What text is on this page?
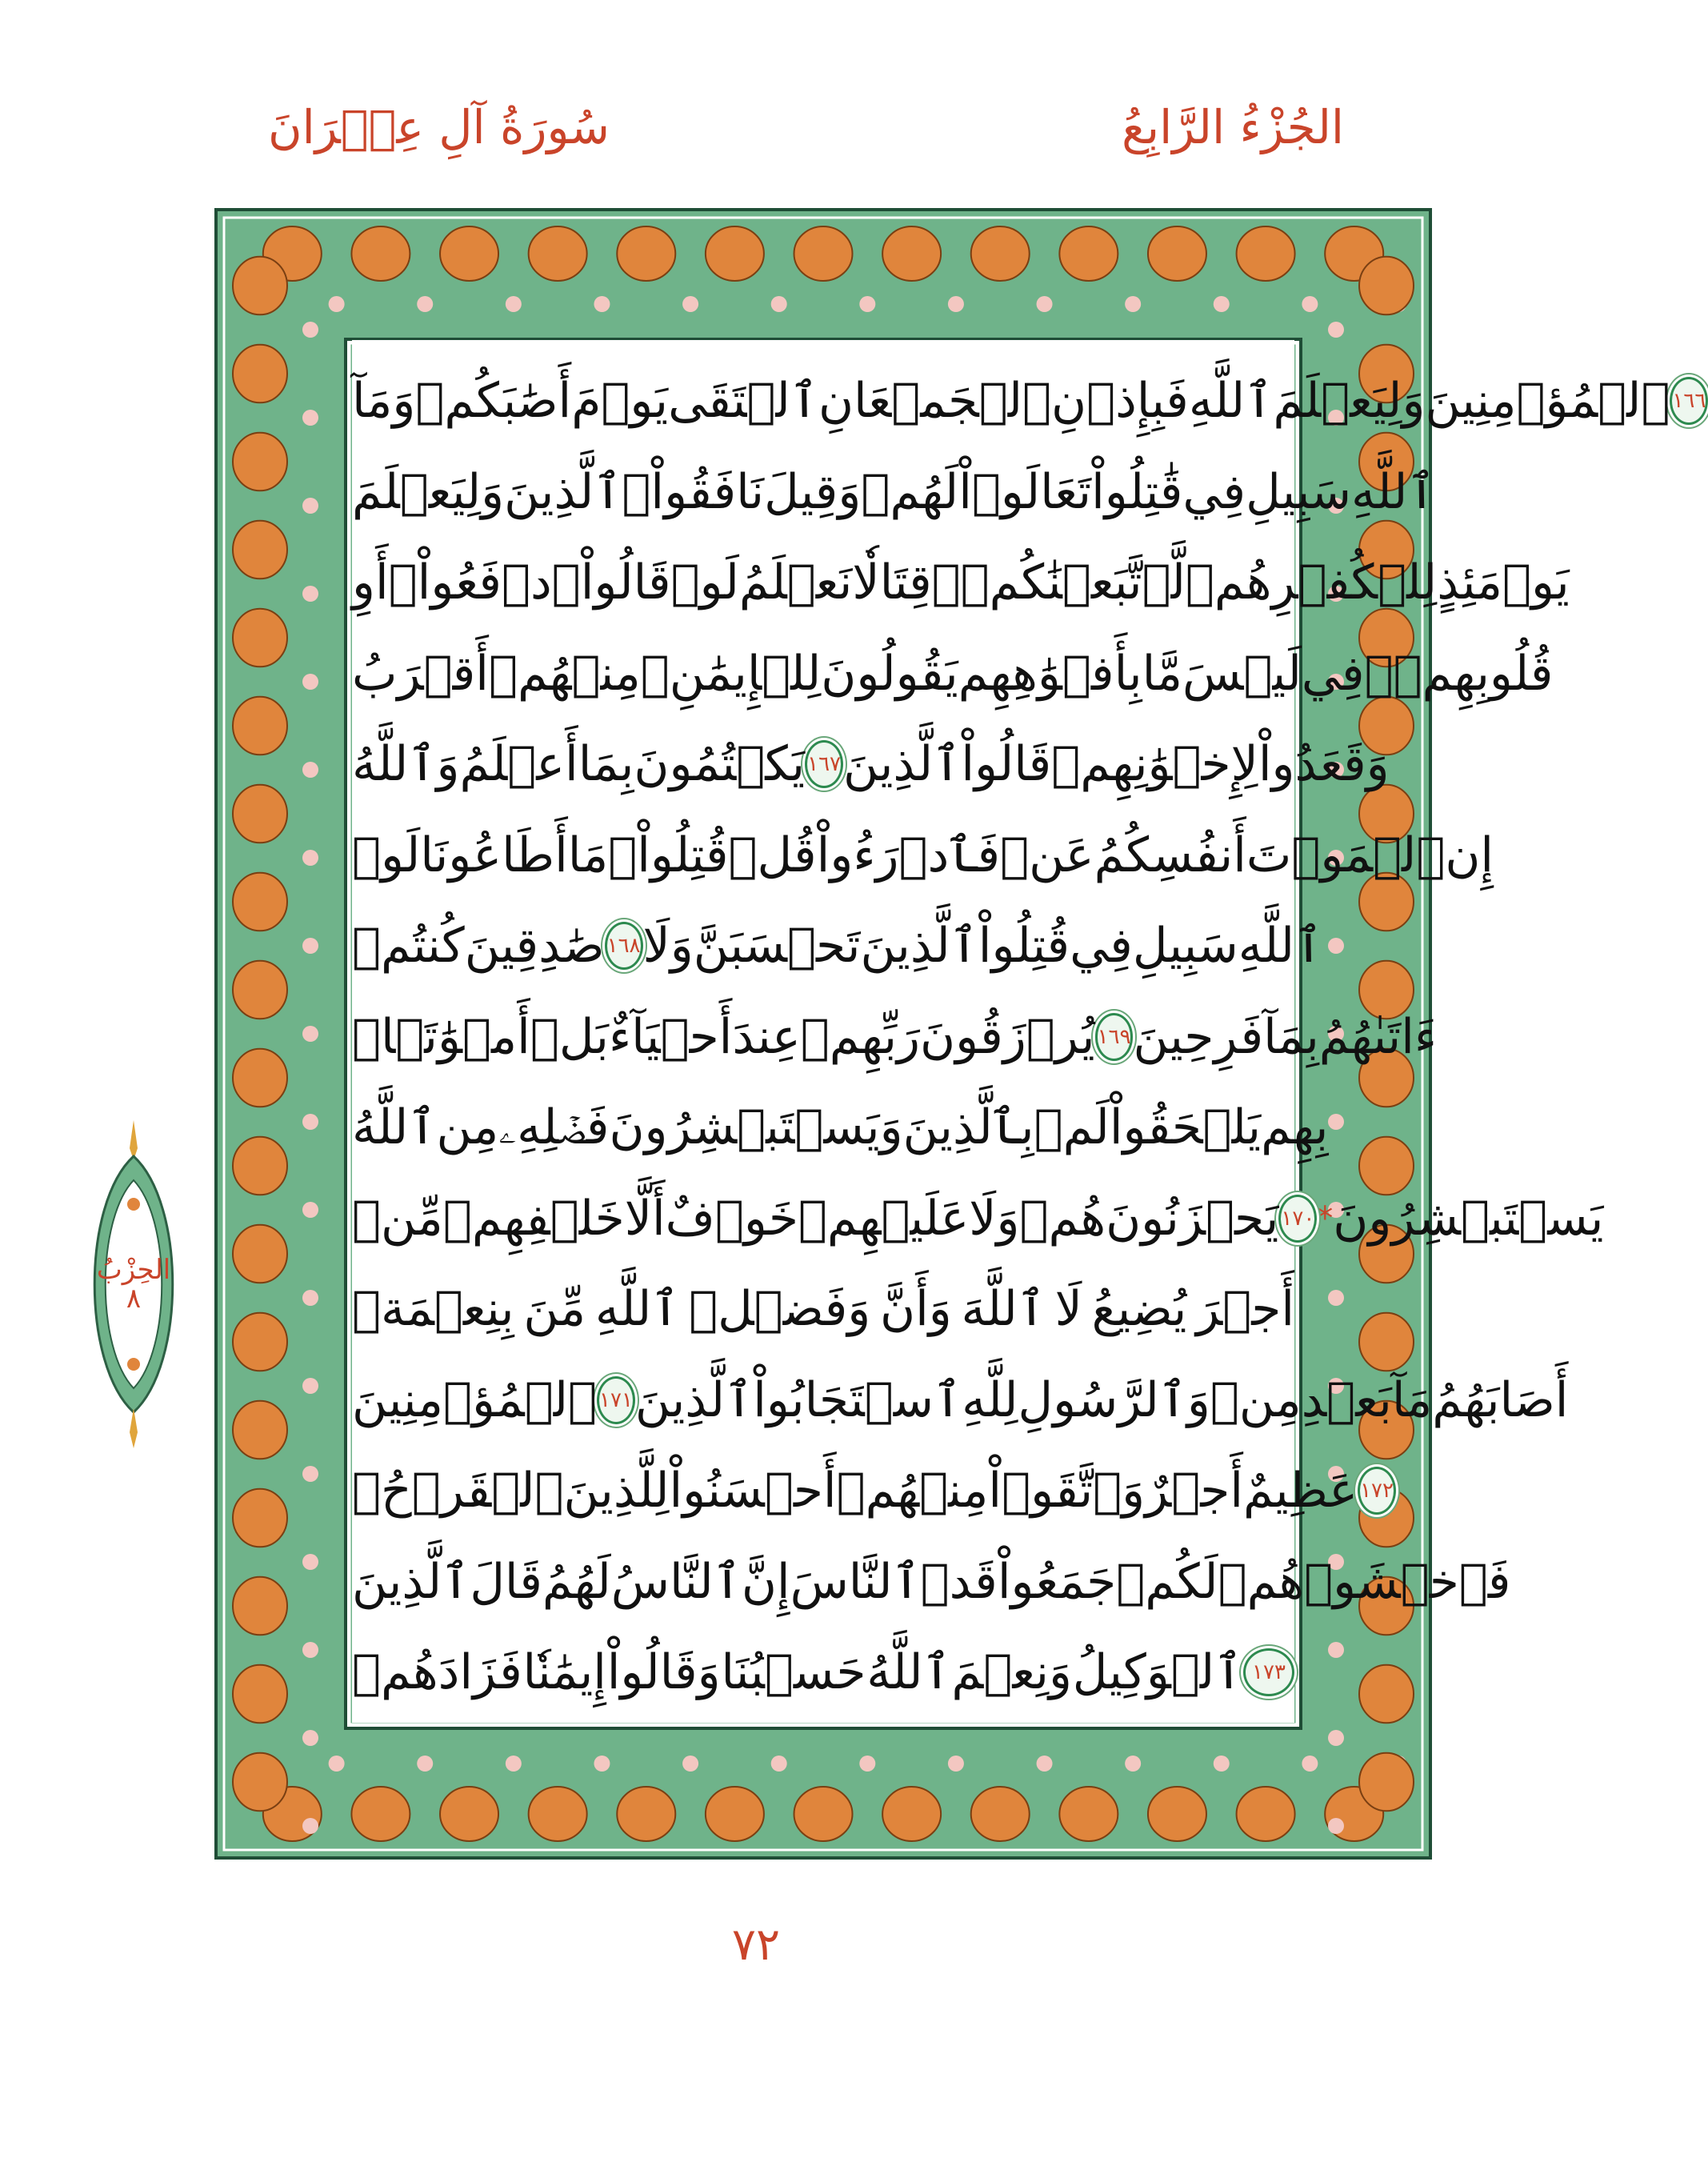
الجُزْءُ الرَّابِعُ
سُورَةُ آلِ عِمۡرَانَ
وَمَآ أَصَٰبَكُمۡ يَوۡمَ ٱلۡتَقَى ٱلۡجَمۡعَانِ فَبِإِذۡنِ ٱللَّهِ وَلِيَعۡلَمَ ٱلۡمُؤۡمِنِينَ ١٦٦
وَلِيَعۡلَمَ ٱلَّذِينَ نَافَقُواْۚ وَقِيلَ لَهُمۡ تَعَالَوۡاْ قَٰتِلُواْ فِي سَبِيلِ ٱللَّهِ
أَوِ ٱدۡفَعُواْۖ قَالُواْ لَوۡ نَعۡلَمُ قِتَالٗا لَّٱتَّبَعۡنَٰكُمۡۗ هُمۡ لِلۡكُفۡرِ يَوۡمَئِذٍ
أَقۡرَبُ مِنۡهُمۡ لِلۡإِيمَٰنِۚ يَقُولُونَ بِأَفۡوَٰهِهِم مَّا لَيۡسَ فِي قُلُوبِهِمۡۚ
وَٱللَّهُ أَعۡلَمُ بِمَا يَكۡتُمُونَ ١٦٧ ٱلَّذِينَ قَالُواْ لِإِخۡوَٰنِهِمۡ وَقَعَدُواْ
لَوۡ أَطَاعُونَا مَا قُتِلُواْۗ قُلۡ فَٱدۡرَءُواْ عَنۡ أَنفُسِكُمُ ٱلۡمَوۡتَ إِن
كُنتُمۡ صَٰدِقِينَ ١٦٨ وَلَا تَحۡسَبَنَّ ٱلَّذِينَ قُتِلُواْ فِي سَبِيلِ ٱللَّهِ
أَمۡوَٰتَۢاۚ بَلۡ أَحۡيَآءٌ عِندَ رَبِّهِمۡ يُرۡزَقُونَ ١٦٩ فَرِحِينَ بِمَآ ءَاتَىٰهُمُ
ٱللَّهُ مِن فَضۡلِهِۦ وَيَسۡتَبۡشِرُونَ بِٱلَّذِينَ لَمۡ يَلۡحَقُواْ بِهِم
مِّنۡ خَلۡفِهِمۡ أَلَّا خَوۡفٌ عَلَيۡهِمۡ وَلَا هُمۡ يَحۡزَنُونَ ١٧٠ * يَسۡتَبۡشِرُونَ
بِنِعۡمَةٖ مِّنَ ٱللَّهِ وَفَضۡلٖ وَأَنَّ ٱللَّهَ لَا يُضِيعُ أَجۡرَ
ٱلۡمُؤۡمِنِينَ ١٧١ ٱلَّذِينَ ٱسۡتَجَابُواْ لِلَّهِ وَٱلرَّسُولِ مِنۢ بَعۡدِ مَآ أَصَابَهُمُ
ٱلۡقَرۡحُۚ لِلَّذِينَ أَحۡسَنُواْ مِنۡهُمۡ وَٱتَّقَوۡاْ أَجۡرٌ عَظِيمٌ ١٧٢
ٱلَّذِينَ قَالَ لَهُمُ ٱلنَّاسُ إِنَّ ٱلنَّاسَ قَدۡ جَمَعُواْ لَكُمۡ فَٱخۡشَوۡهُمۡ
فَزَادَهُمۡ إِيمَٰنٗا وَقَالُواْ حَسۡبُنَا ٱللَّهُ وَنِعۡمَ ٱلۡوَكِيلُ ١٧٣
الحِزْبُ
٨
٧٢
